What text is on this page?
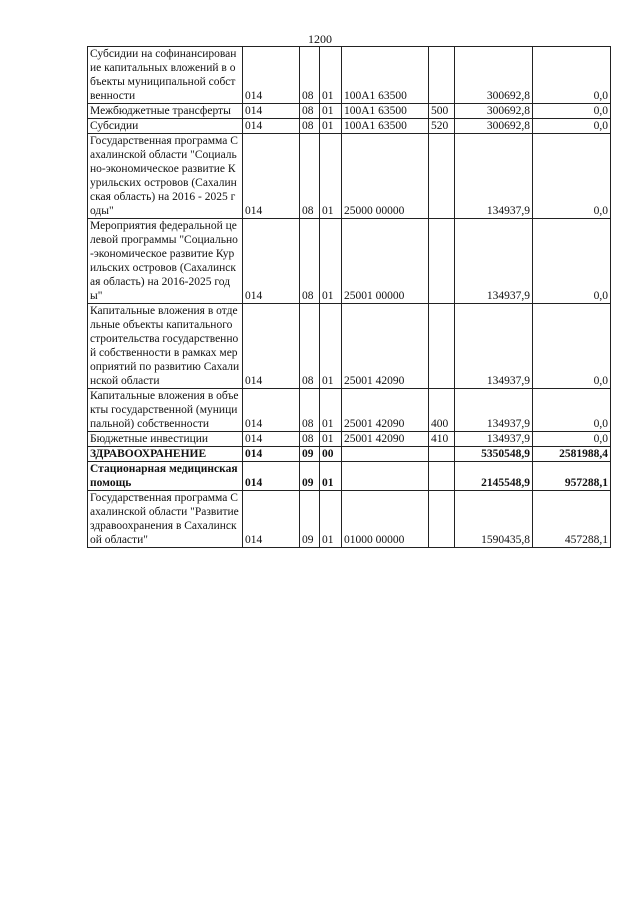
1200
Субсидии на софинансирование капитальных вложений в объекты муниципальной собственности	014	08	01	100А1 63500		300692,8	0,0
Межбюджетные трансферты	014	08	01	100А1 63500	500	300692,8	0,0
Субсидии	014	08	01	100А1 63500	520	300692,8	0,0
Государственная программа Сахалинской области "Социально-экономическое развитие Курильских островов (Сахалинская область) на 2016 - 2025 годы"	014	08	01	25000 00000		134937,9	0,0
Мероприятия федеральной целевой программы "Социально-экономическое развитие Курильских островов (Сахалинская область) на 2016-2025 годы"	014	08	01	25001 00000		134937,9	0,0
Капитальные вложения в отдельные объекты капитального строительства государственной собственности в рамках мероприятий по развитию Сахалинской области	014	08	01	25001 42090		134937,9	0,0
Капитальные вложения в объекты государственной (муниципальной) собственности	014	08	01	25001 42090	400	134937,9	0,0
Бюджетные инвестиции	014	08	01	25001 42090	410	134937,9	0,0
ЗДРАВООХРАНЕНИЕ	014	09	00			5350548,9	2581988,4
Стационарная медицинская помощь	014	09	01			2145548,9	957288,1
Государственная программа Сахалинской области "Развитие здравоохранения в Сахалинской области"	014	09	01	01000 00000		1590435,8	457288,1
